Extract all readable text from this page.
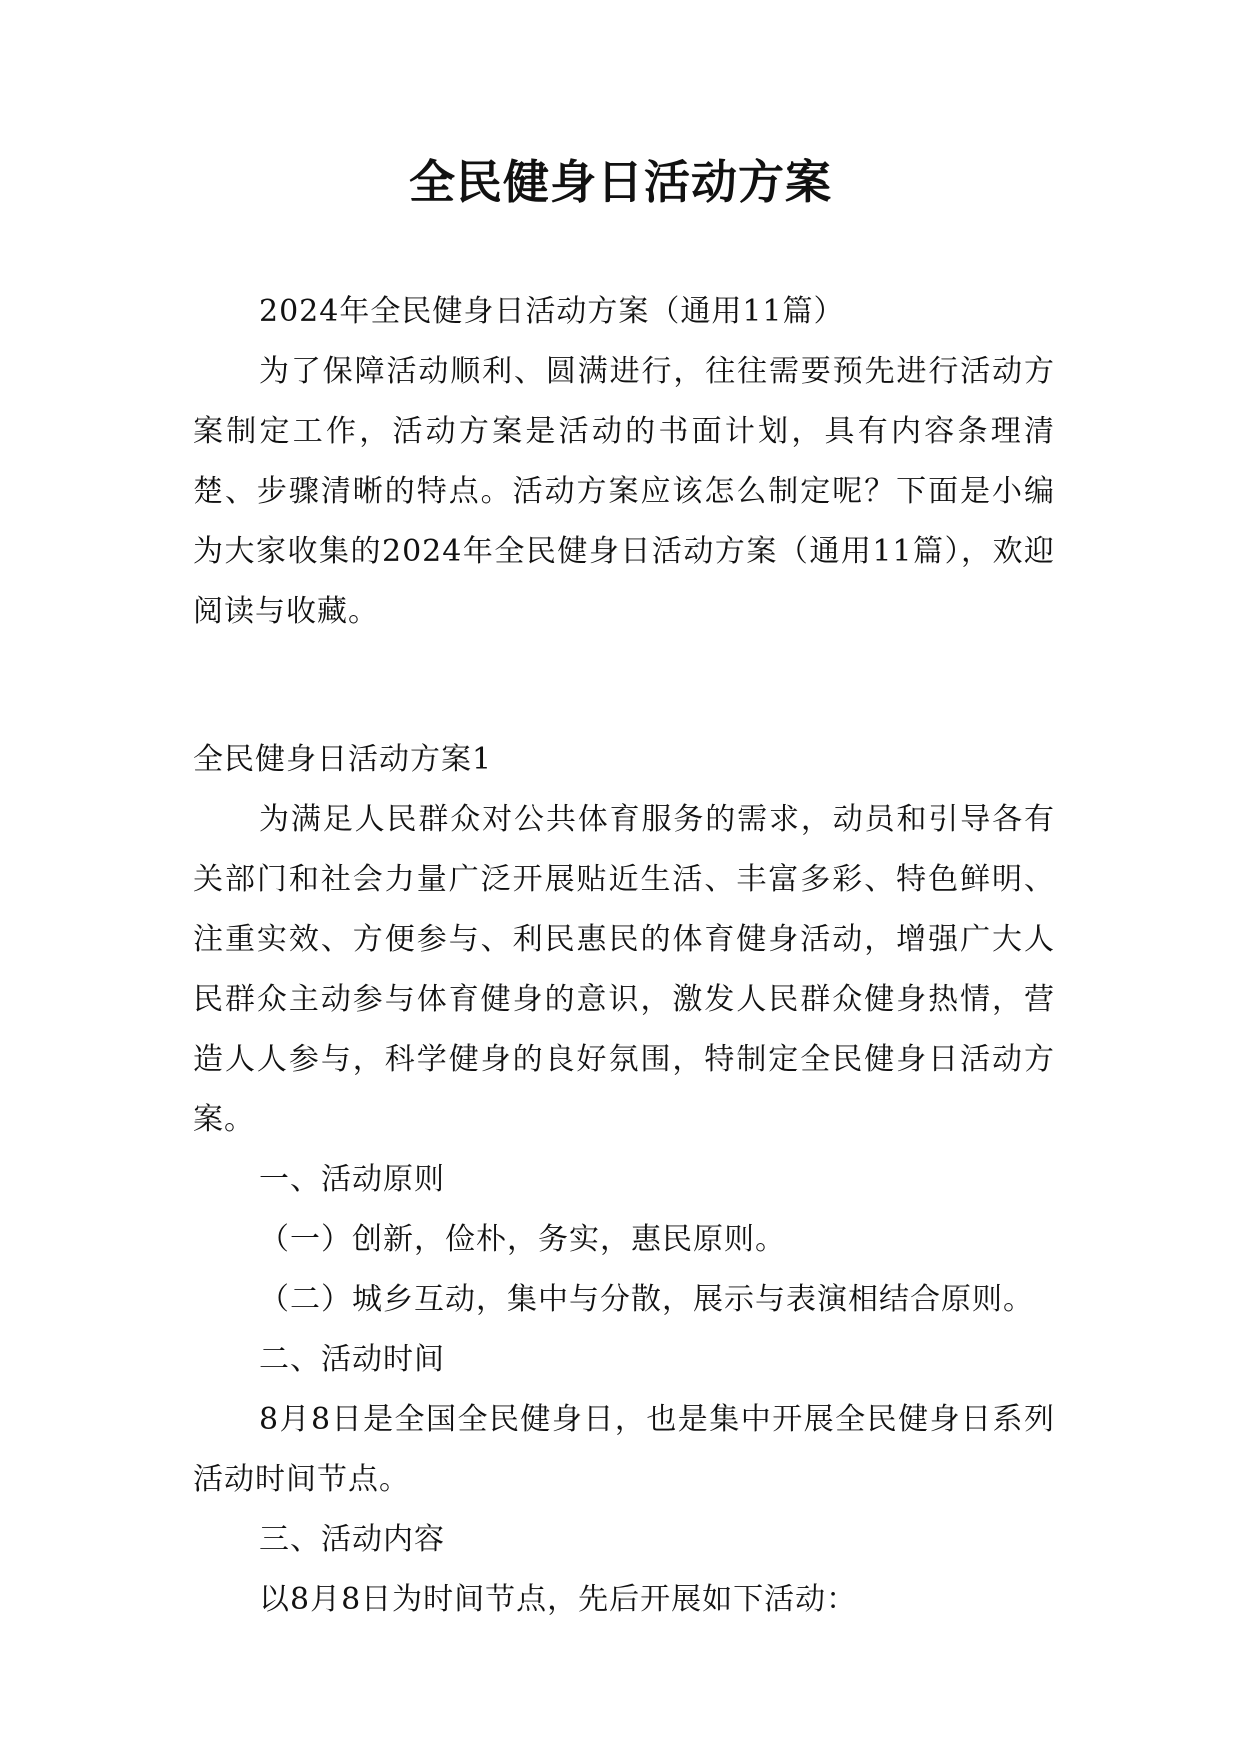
全民健身日活动方案

2024年全民健身日活动方案（通用11篇）

为了保障活动顺利、圆满进行，往往需要预先进行活动方案制定工作，活动方案是活动的书面计划，具有内容条理清楚、步骤清晰的特点。活动方案应该怎么制定呢？下面是小编为大家收集的2024年全民健身日活动方案（通用11篇），欢迎阅读与收藏。

全民健身日活动方案1

为满足人民群众对公共体育服务的需求，动员和引导各有关部门和社会力量广泛开展贴近生活、丰富多彩、特色鲜明、注重实效、方便参与、利民惠民的体育健身活动，增强广大人民群众主动参与体育健身的意识，激发人民群众健身热情，营造人人参与，科学健身的良好氛围，特制定全民健身日活动方案。

一、活动原则

（一）创新，俭朴，务实，惠民原则。

（二）城乡互动，集中与分散，展示与表演相结合原则。

二、活动时间

8月8日是全国全民健身日，也是集中开展全民健身日系列活动时间节点。

三、活动内容

以8月8日为时间节点，先后开展如下活动：
